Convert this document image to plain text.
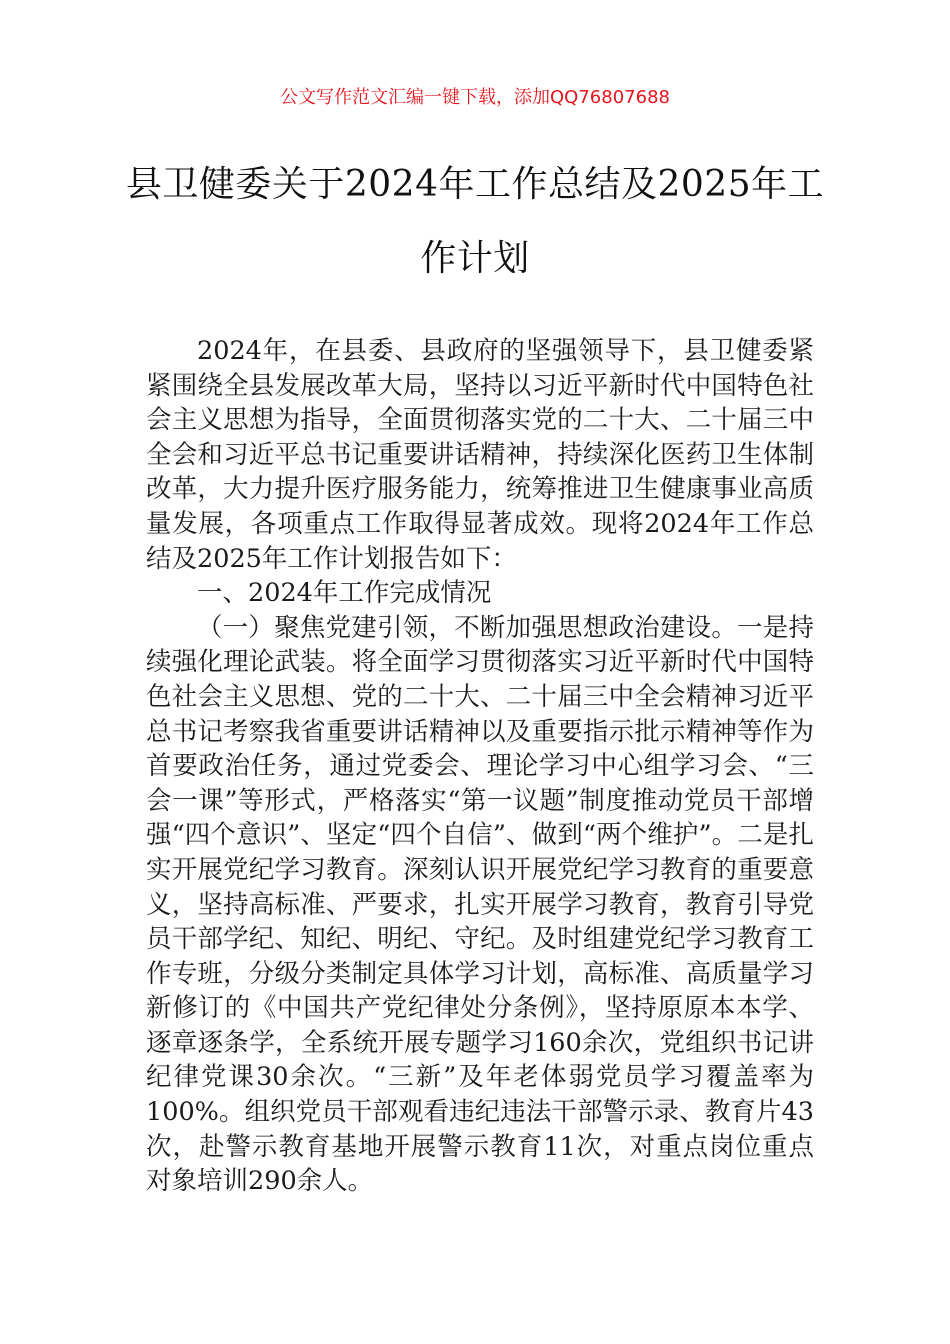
公文写作范文汇编一键下载，添加QQ76807688
县卫健委关于2024年工作总结及2025年工
作计划

2024年，在县委、县政府的坚强领导下，县卫健委紧紧围绕全县发展改革大局，坚持以习近平新时代中国特色社会主义思想为指导，全面贯彻落实党的二十大、二十届三中全会和习近平总书记重要讲话精神，持续深化医药卫生体制改革，大力提升医疗服务能力，统筹推进卫生健康事业高质量发展，各项重点工作取得显著成效。现将2024年工作总结及2025年工作计划报告如下：

一、2024年工作完成情况

（一）聚焦党建引领，不断加强思想政治建设。一是持续强化理论武装。将全面学习贯彻落实习近平新时代中国特色社会主义思想、党的二十大、二十届三中全会精神习近平总书记考察我省重要讲话精神以及重要指示批示精神等作为首要政治任务，通过党委会、理论学习中心组学习会、“三会一课”等形式，严格落实“第一议题”制度推动党员干部增强“四个意识”、坚定“四个自信”、做到“两个维护”。二是扎实开展党纪学习教育。深刻认识开展党纪学习教育的重要意义，坚持高标准、严要求，扎实开展学习教育，教育引导党员干部学纪、知纪、明纪、守纪。及时组建党纪学习教育工作专班，分级分类制定具体学习计划，高标准、高质量学习新修订的《中国共产党纪律处分条例》，坚持原原本本学、逐章逐条学，全系统开展专题学习160余次，党组织书记讲纪律党课30余次。“三新”及年老体弱党员学习覆盖率为100%。组织党员干部观看违纪违法干部警示录、教育片43次，赴警示教育基地开展警示教育11次，对重点岗位重点对象培训290余人。
